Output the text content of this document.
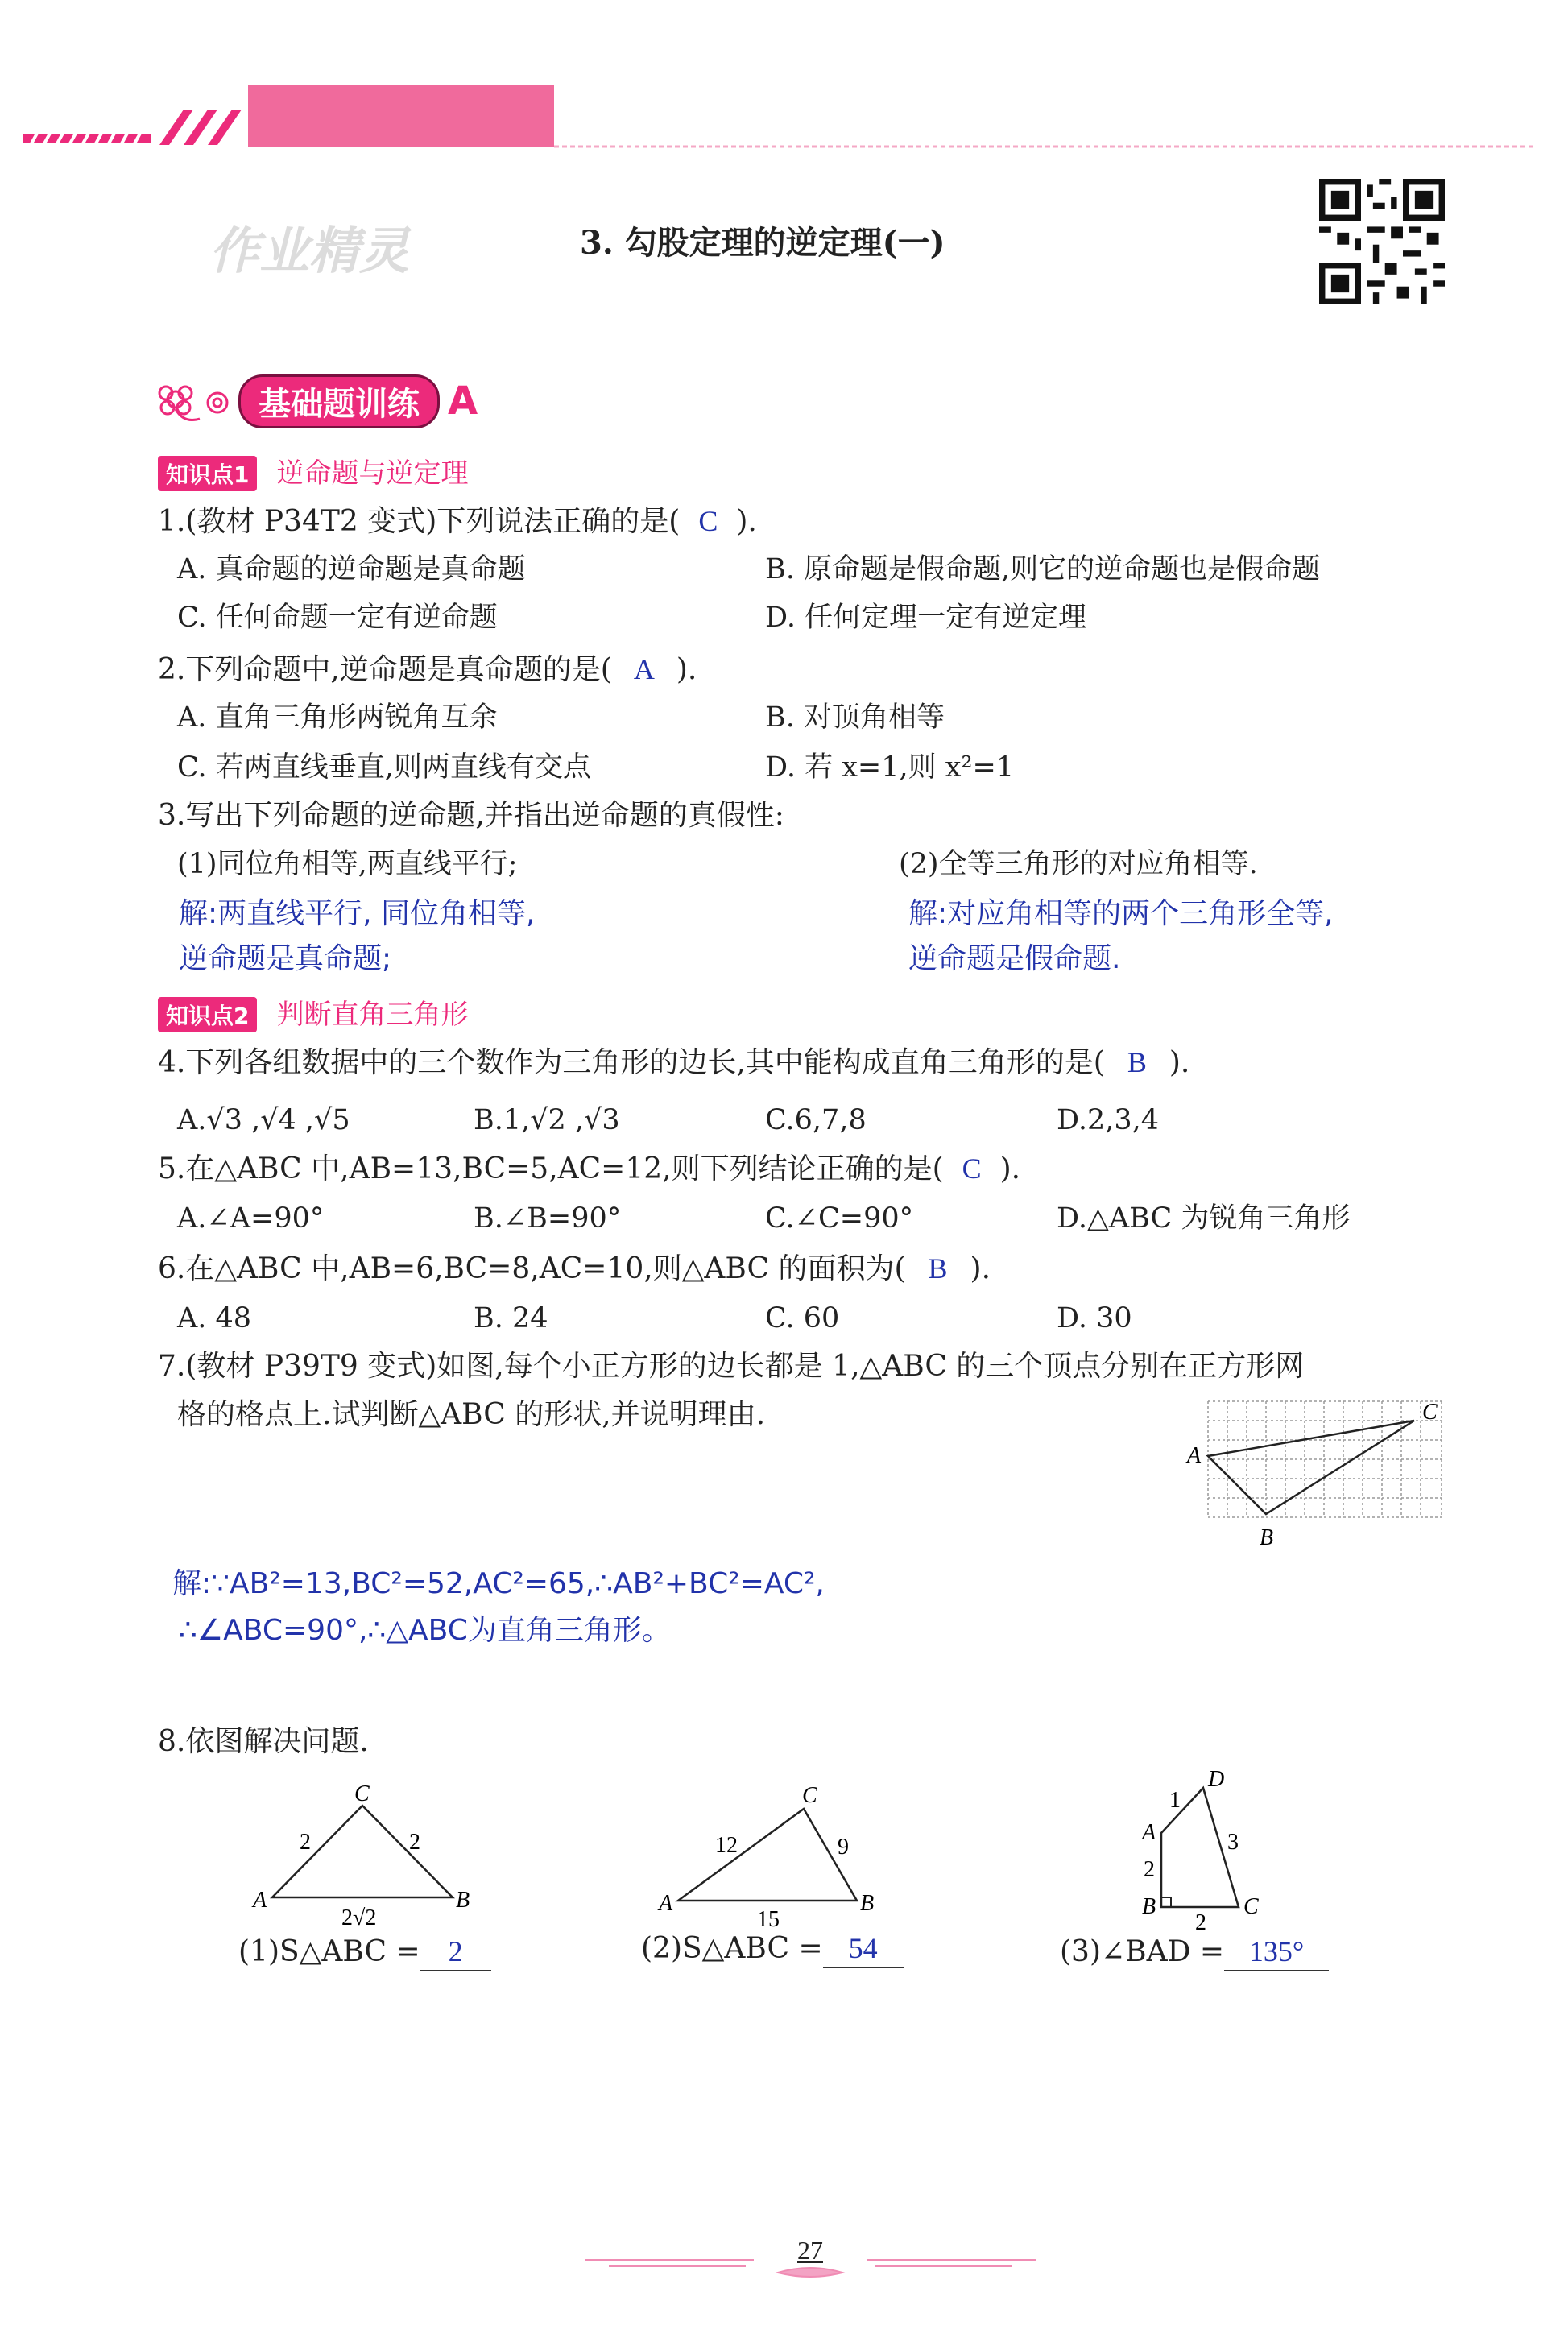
作业精灵	3. 勾股定理的逆定理(一)
基础题训练 A
知识点1 逆命题与逆定理
1.(教材 P34T2 变式)下列说法正确的是( C ).
A. 真命题的逆命题是真命题	B. 原命题是假命题,则它的逆命题也是假命题
C. 任何命题一定有逆命题	D. 任何定理一定有逆定理
2.下列命题中,逆命题是真命题的是( A ).
A. 直角三角形两锐角互余	B. 对顶角相等
C. 若两直线垂直,则两直线有交点	D. 若 x=1,则 x²=1
3.写出下列命题的逆命题,并指出逆命题的真假性:
(1)同位角相等,两直线平行;	(2)全等三角形的对应角相等.
解:两直线平行, 同位角相等,
逆命题是真命题;
解:对应角相等的两个三角形全等,
逆命题是假命题.
知识点2 判断直角三角形
4.下列各组数据中的三个数作为三角形的边长,其中能构成直角三角形的是( B ).
A.√3 ,√4 ,√5	B.1,√2 ,√3	C.6,7,8	D.2,3,4
5.在△ABC 中,AB=13,BC=5,AC=12,则下列结论正确的是( C ).
A.∠A=90°	B.∠B=90°	C.∠C=90°	D.△ABC 为锐角三角形
6.在△ABC 中,AB=6,BC=8,AC=10,则△ABC 的面积为( B ).
A. 48	B. 24	C. 60	D. 30
7.(教材 P39T9 变式)如图,每个小正方形的边长都是 1,△ABC 的三个顶点分别在正方形网
格的格点上.试判断△ABC 的形状,并说明理由.
A
B
C
解:∵AB²=13,BC²=52,AC²=65,∴AB²+BC²=AC²,
∴∠ABC=90°,∴△ABC为直角三角形。
8.依图解决问题.
A	B
C
2	2
2√2
(1)S△ABC = 2
A	B
C
12	9
15
(2)S△ABC = 54
A
B	C
D
1
2
3
2
(3)∠BAD = 135°
27
